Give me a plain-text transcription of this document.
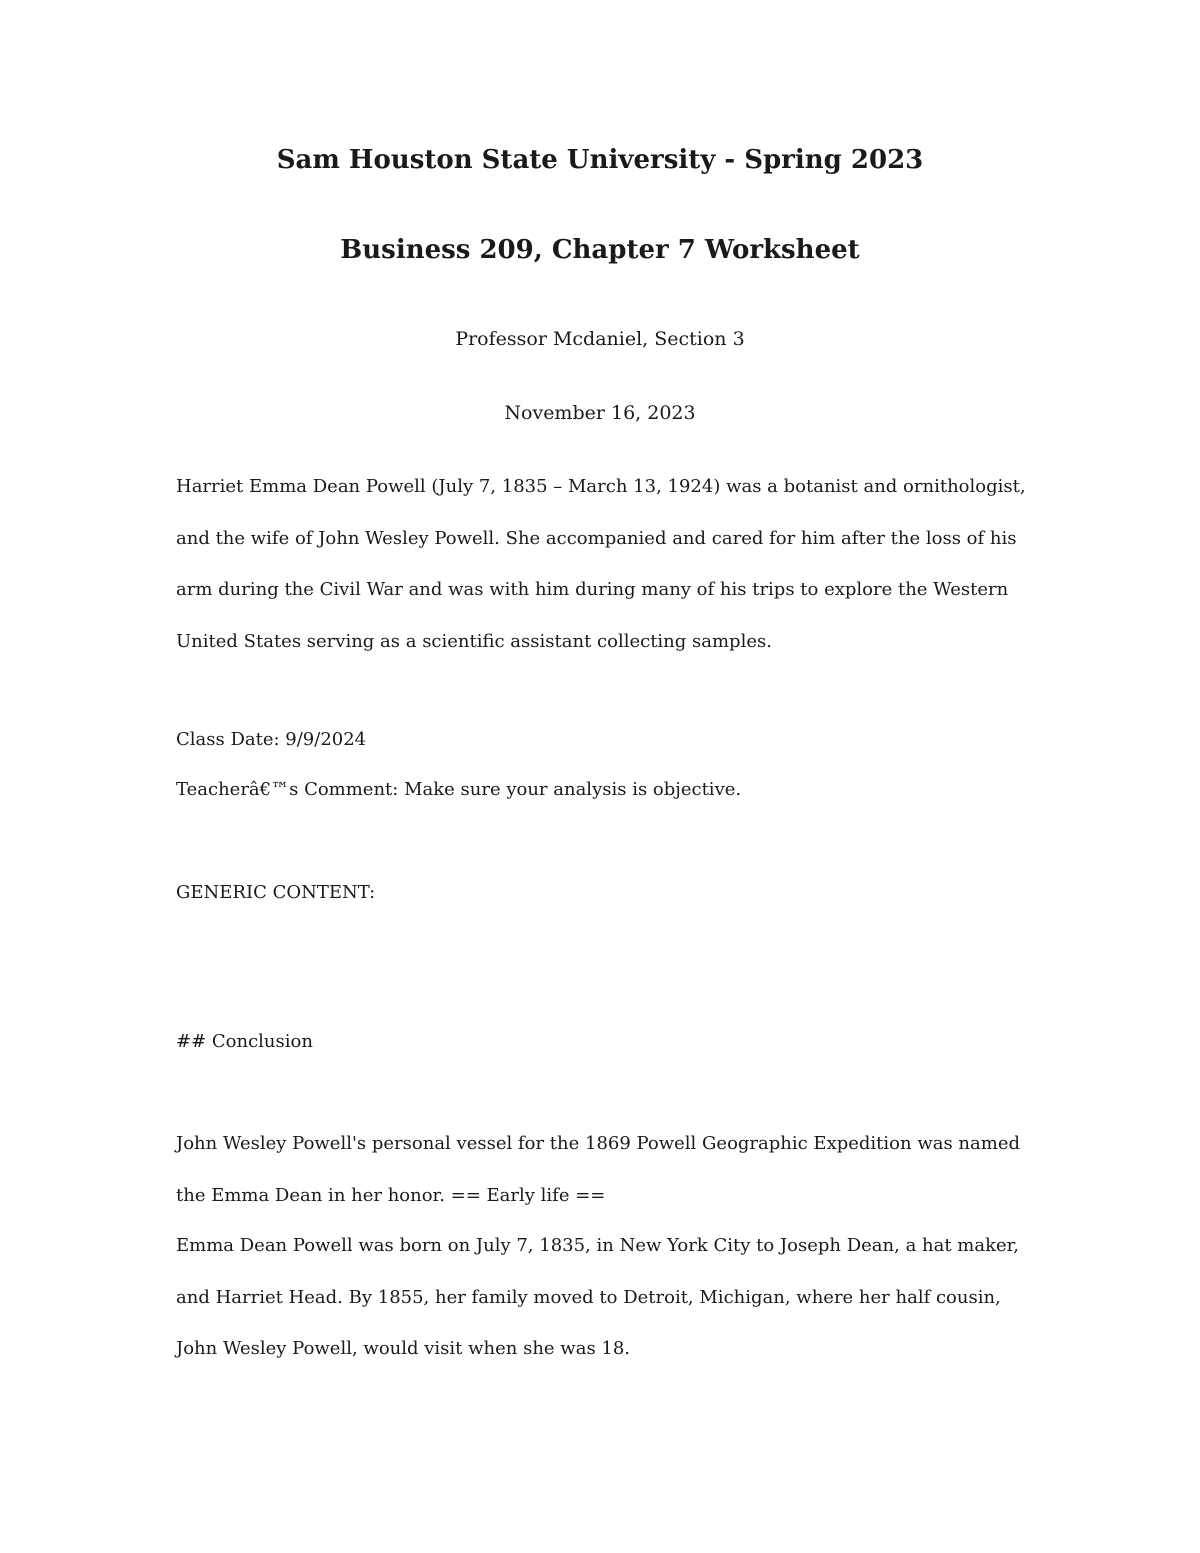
Sam Houston State University - Spring 2023
Business 209, Chapter 7 Worksheet

Professor Mcdaniel, Section 3

November 16, 2023

Harriet Emma Dean Powell (July 7, 1835 – March 13, 1924) was a botanist and ornithologist, and the wife of John Wesley Powell. She accompanied and cared for him after the loss of his arm during the Civil War and was with him during many of his trips to explore the Western United States serving as a scientific assistant collecting samples.

Class Date: 9/9/2024

Teacherâ€™s Comment: Make sure your analysis is objective.

GENERIC CONTENT:

## Conclusion

John Wesley Powell's personal vessel for the 1869 Powell Geographic Expedition was named the Emma Dean in her honor. == Early life ==

Emma Dean Powell was born on July 7, 1835, in New York City to Joseph Dean, a hat maker, and Harriet Head. By 1855, her family moved to Detroit, Michigan, where her half cousin, John Wesley Powell, would visit when she was 18.
